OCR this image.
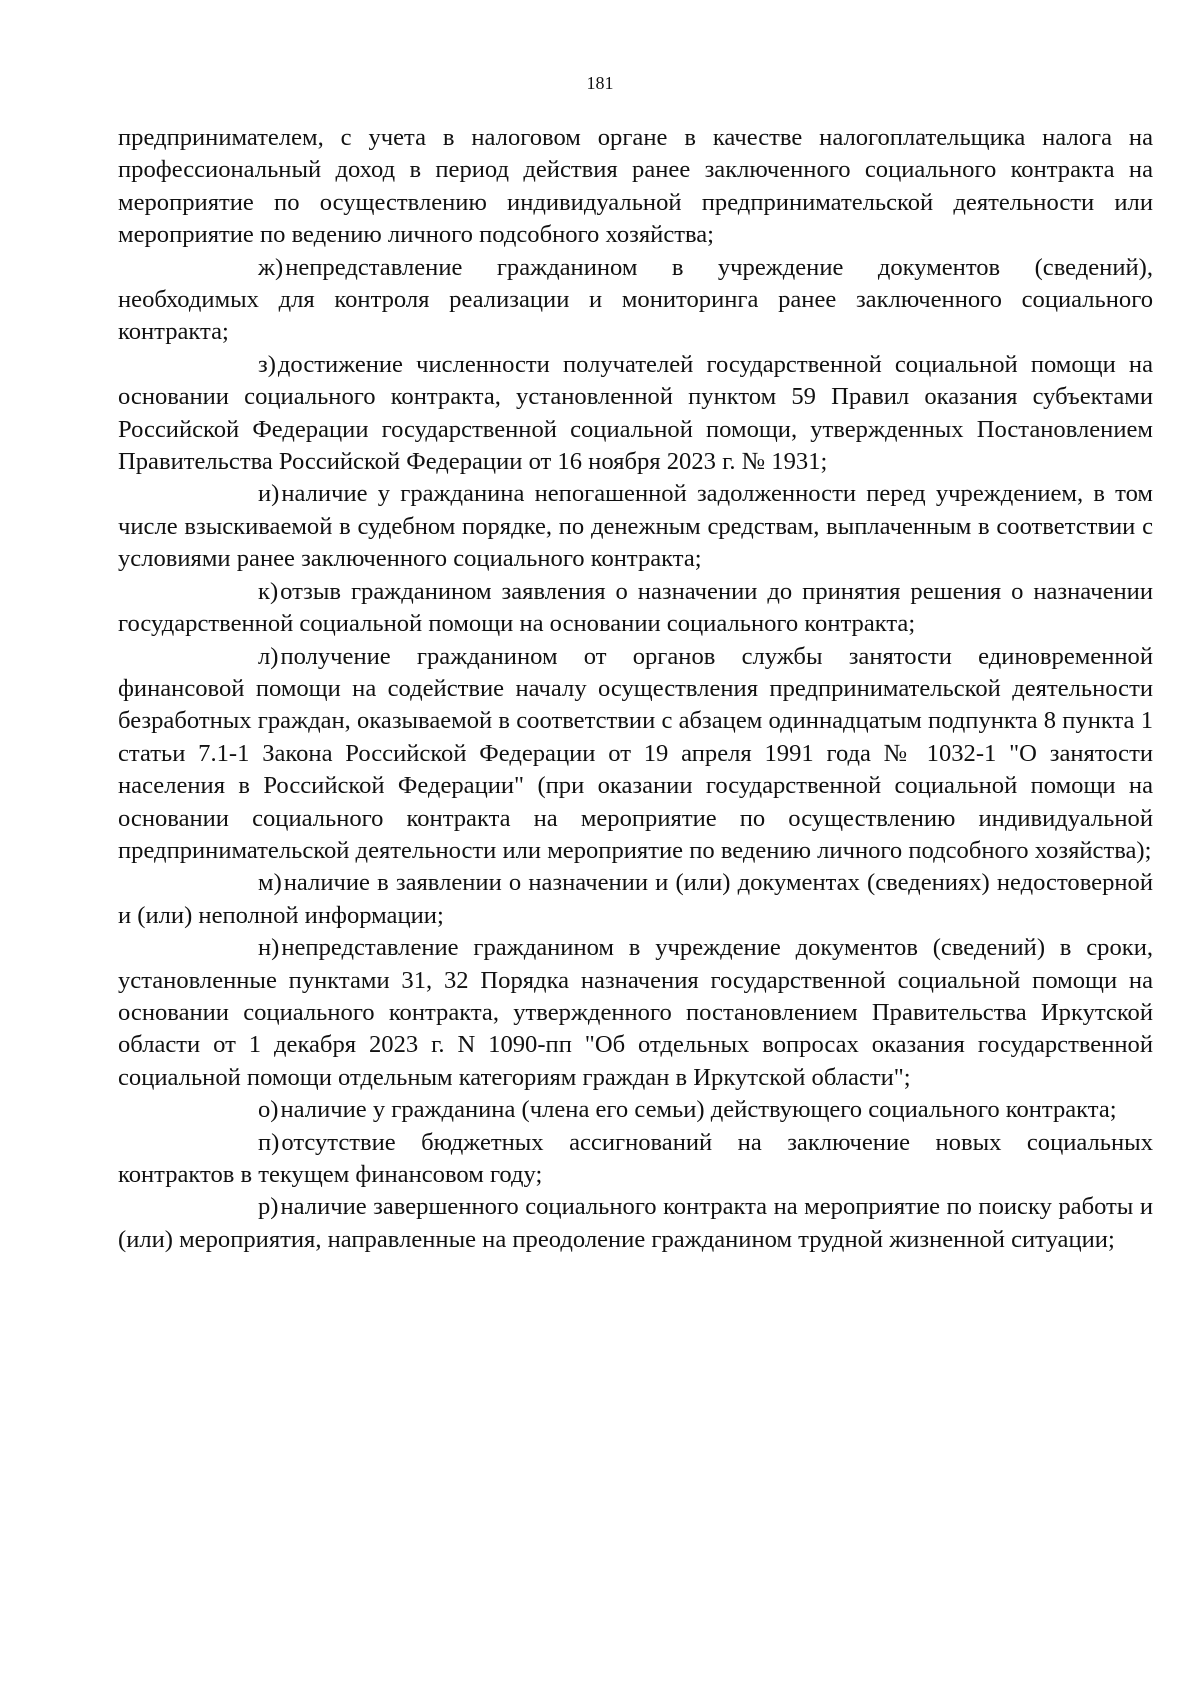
181

предпринимателем, с учета в налоговом органе в качестве налогоплательщика налога на профессиональный доход в период действия ранее заключенного социального контракта на мероприятие по осуществлению индивидуальной предпринимательской деятельности или мероприятие по ведению личного подсобного хозяйства;

ж)непредставление гражданином в учреждение документов (сведений), необходимых для контроля реализации и мониторинга ранее заключенного социального контракта;

з)достижение численности получателей государственной социальной помощи на основании социального контракта, установленной пунктом 59 Правил оказания субъектами Российской Федерации государственной социальной помощи, утвержденных Постановлением Правительства Российской Федерации от 16 ноября 2023 г. № 1931;

и)наличие у гражданина непогашенной задолженности перед учреждением, в том числе взыскиваемой в судебном порядке, по денежным средствам, выплаченным в соответствии с условиями ранее заключенного социального контракта;

к)отзыв гражданином заявления о назначении до принятия решения о назначении государственной социальной помощи на основании социального контракта;

л)получение гражданином от органов службы занятости единовременной финансовой помощи на содействие началу осуществления предпринимательской деятельности безработных граждан, оказываемой в соответствии с абзацем одиннадцатым подпункта 8 пункта 1 статьи 7.1-1 Закона Российской Федерации от 19 апреля 1991 года № 1032-1 "О занятости населения в Российской Федерации" (при оказании государственной социальной помощи на основании социального контракта на мероприятие по осуществлению индивидуальной предпринимательской деятельности или мероприятие по ведению личного подсобного хозяйства);

м)наличие в заявлении о назначении и (или) документах (сведениях) недостоверной и (или) неполной информации;

н)непредставление гражданином в учреждение документов (сведений) в сроки, установленные пунктами 31, 32 Порядка назначения государственной социальной помощи на основании социального контракта, утвержденного постановлением Правительства Иркутской области от 1 декабря 2023 г. N 1090-пп "Об отдельных вопросах оказания государственной социальной помощи отдельным категориям граждан в Иркутской области";

о)наличие у гражданина (члена его семьи) действующего социального контракта;

п)отсутствие бюджетных ассигнований на заключение новых социальных контрактов в текущем финансовом году;

р)наличие завершенного социального контракта на мероприятие по поиску работы и (или) мероприятия, направленные на преодоление гражданином трудной жизненной ситуации;
